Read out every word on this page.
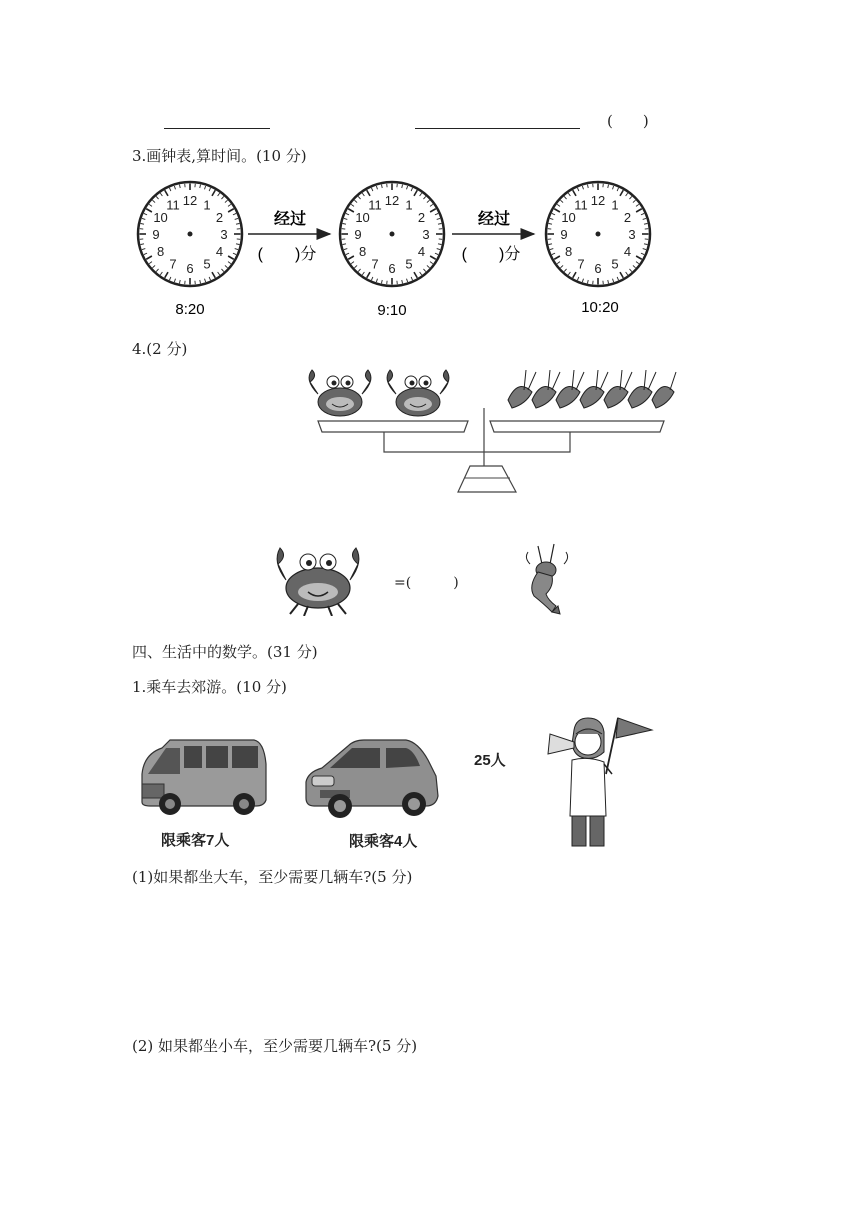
(　　)
3.画钟表,算时间。(10 分)
12 1
2
3
4
5
6
7
8
9
10
11	12 1
2
3
4
5
6
7
8
9
10
11	12 1
2
3
4
5
6
7
8
9
10
11
经过
(　　)分
经过
(　　)分
8:20	9:10	10:20
4.(2 分)
=(　　　)
四、生活中的数学。(31 分)
1.乘车去郊游。(10 分)
限乘客7人	限乘客4人
25人
(1)如果都坐大车，至少需要几辆车?(5 分)
(2) 如果都坐小车，至少需要几辆车?(5 分)
